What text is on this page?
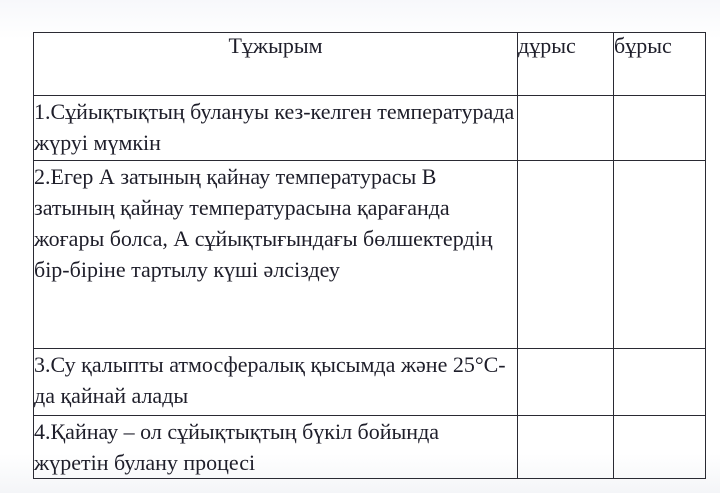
Тұжырым	дұрыс	бұрыс
1.Сұйықтықтың булануы кез-келген температурада жүруі мүмкін		
2.Егер А затының қайнау температурасы В затының қайнау температурасына қарағанда жоғары болса, А сұйықтығындағы бөлшектердің бір-біріне тартылу күші әлсіздеу		
3.Су қалыпты атмосфералық қысымда және 25°С-да қайнай алады		
4.Қайнау – ол сұйықтықтың бүкіл бойында жүретін булану процесі		
